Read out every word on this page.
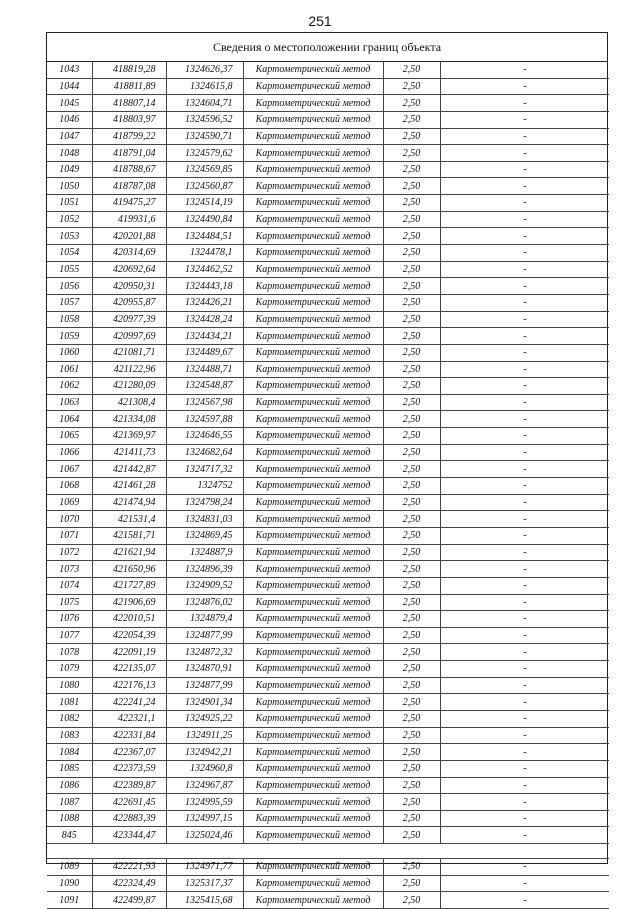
251
Сведения о местоположении границ объекта
1043	418819,28	1324626,37	Картометрический метод	2,50	-
1044	418811,89	1324615,8	Картометрический метод	2,50	-
1045	418807,14	1324604,71	Картометрический метод	2,50	-
1046	418803,97	1324596,52	Картометрический метод	2,50	-
1047	418799,22	1324590,71	Картометрический метод	2,50	-
1048	418791,04	1324579,62	Картометрический метод	2,50	-
1049	418788,67	1324569,85	Картометрический метод	2,50	-
1050	418787,08	1324560,87	Картометрический метод	2,50	-
1051	419475,27	1324514,19	Картометрический метод	2,50	-
1052	419931,6	1324490,84	Картометрический метод	2,50	-
1053	420201,88	1324484,51	Картометрический метод	2,50	-
1054	420314,69	1324478,1	Картометрический метод	2,50	-
1055	420692,64	1324462,52	Картометрический метод	2,50	-
1056	420950,31	1324443,18	Картометрический метод	2,50	-
1057	420955,87	1324426,21	Картометрический метод	2,50	-
1058	420977,39	1324428,24	Картометрический метод	2,50	-
1059	420997,69	1324434,21	Картометрический метод	2,50	-
1060	421081,71	1324489,67	Картометрический метод	2,50	-
1061	421122,96	1324488,71	Картометрический метод	2,50	-
1062	421280,09	1324548,87	Картометрический метод	2,50	-
1063	421308,4	1324567,98	Картометрический метод	2,50	-
1064	421334,08	1324597,88	Картометрический метод	2,50	-
1065	421369,97	1324646,55	Картометрический метод	2,50	-
1066	421411,73	1324682,64	Картометрический метод	2,50	-
1067	421442,87	1324717,32	Картометрический метод	2,50	-
1068	421461,28	1324752	Картометрический метод	2,50	-
1069	421474,94	1324798,24	Картометрический метод	2,50	-
1070	421531,4	1324831,03	Картометрический метод	2,50	-
1071	421581,71	1324869,45	Картометрический метод	2,50	-
1072	421621,94	1324887,9	Картометрический метод	2,50	-
1073	421650,96	1324896,39	Картометрический метод	2,50	-
1074	421727,89	1324909,52	Картометрический метод	2,50	-
1075	421906,69	1324876,02	Картометрический метод	2,50	-
1076	422010,51	1324879,4	Картометрический метод	2,50	-
1077	422054,39	1324877,99	Картометрический метод	2,50	-
1078	422091,19	1324872,32	Картометрический метод	2,50	-
1079	422135,07	1324870,91	Картометрический метод	2,50	-
1080	422176,13	1324877,99	Картометрический метод	2,50	-
1081	422241,24	1324901,34	Картометрический метод	2,50	-
1082	422321,1	1324925,22	Картометрический метод	2,50	-
1083	422331,84	1324911,25	Картометрический метод	2,50	-
1084	422367,07	1324942,21	Картометрический метод	2,50	-
1085	422373,59	1324960,8	Картометрический метод	2,50	-
1086	422389,87	1324967,87	Картометрический метод	2,50	-
1087	422691,45	1324995,59	Картометрический метод	2,50	-
1088	422883,39	1324997,15	Картометрический метод	2,50	-
845	423344,47	1325024,46	Картометрический метод	2,50	-

1089	422221,93	1324971,77	Картометрический метод	2,50	-
1090	422324,49	1325317,37	Картометрический метод	2,50	-
1091	422499,87	1325415,68	Картометрический метод	2,50	-
